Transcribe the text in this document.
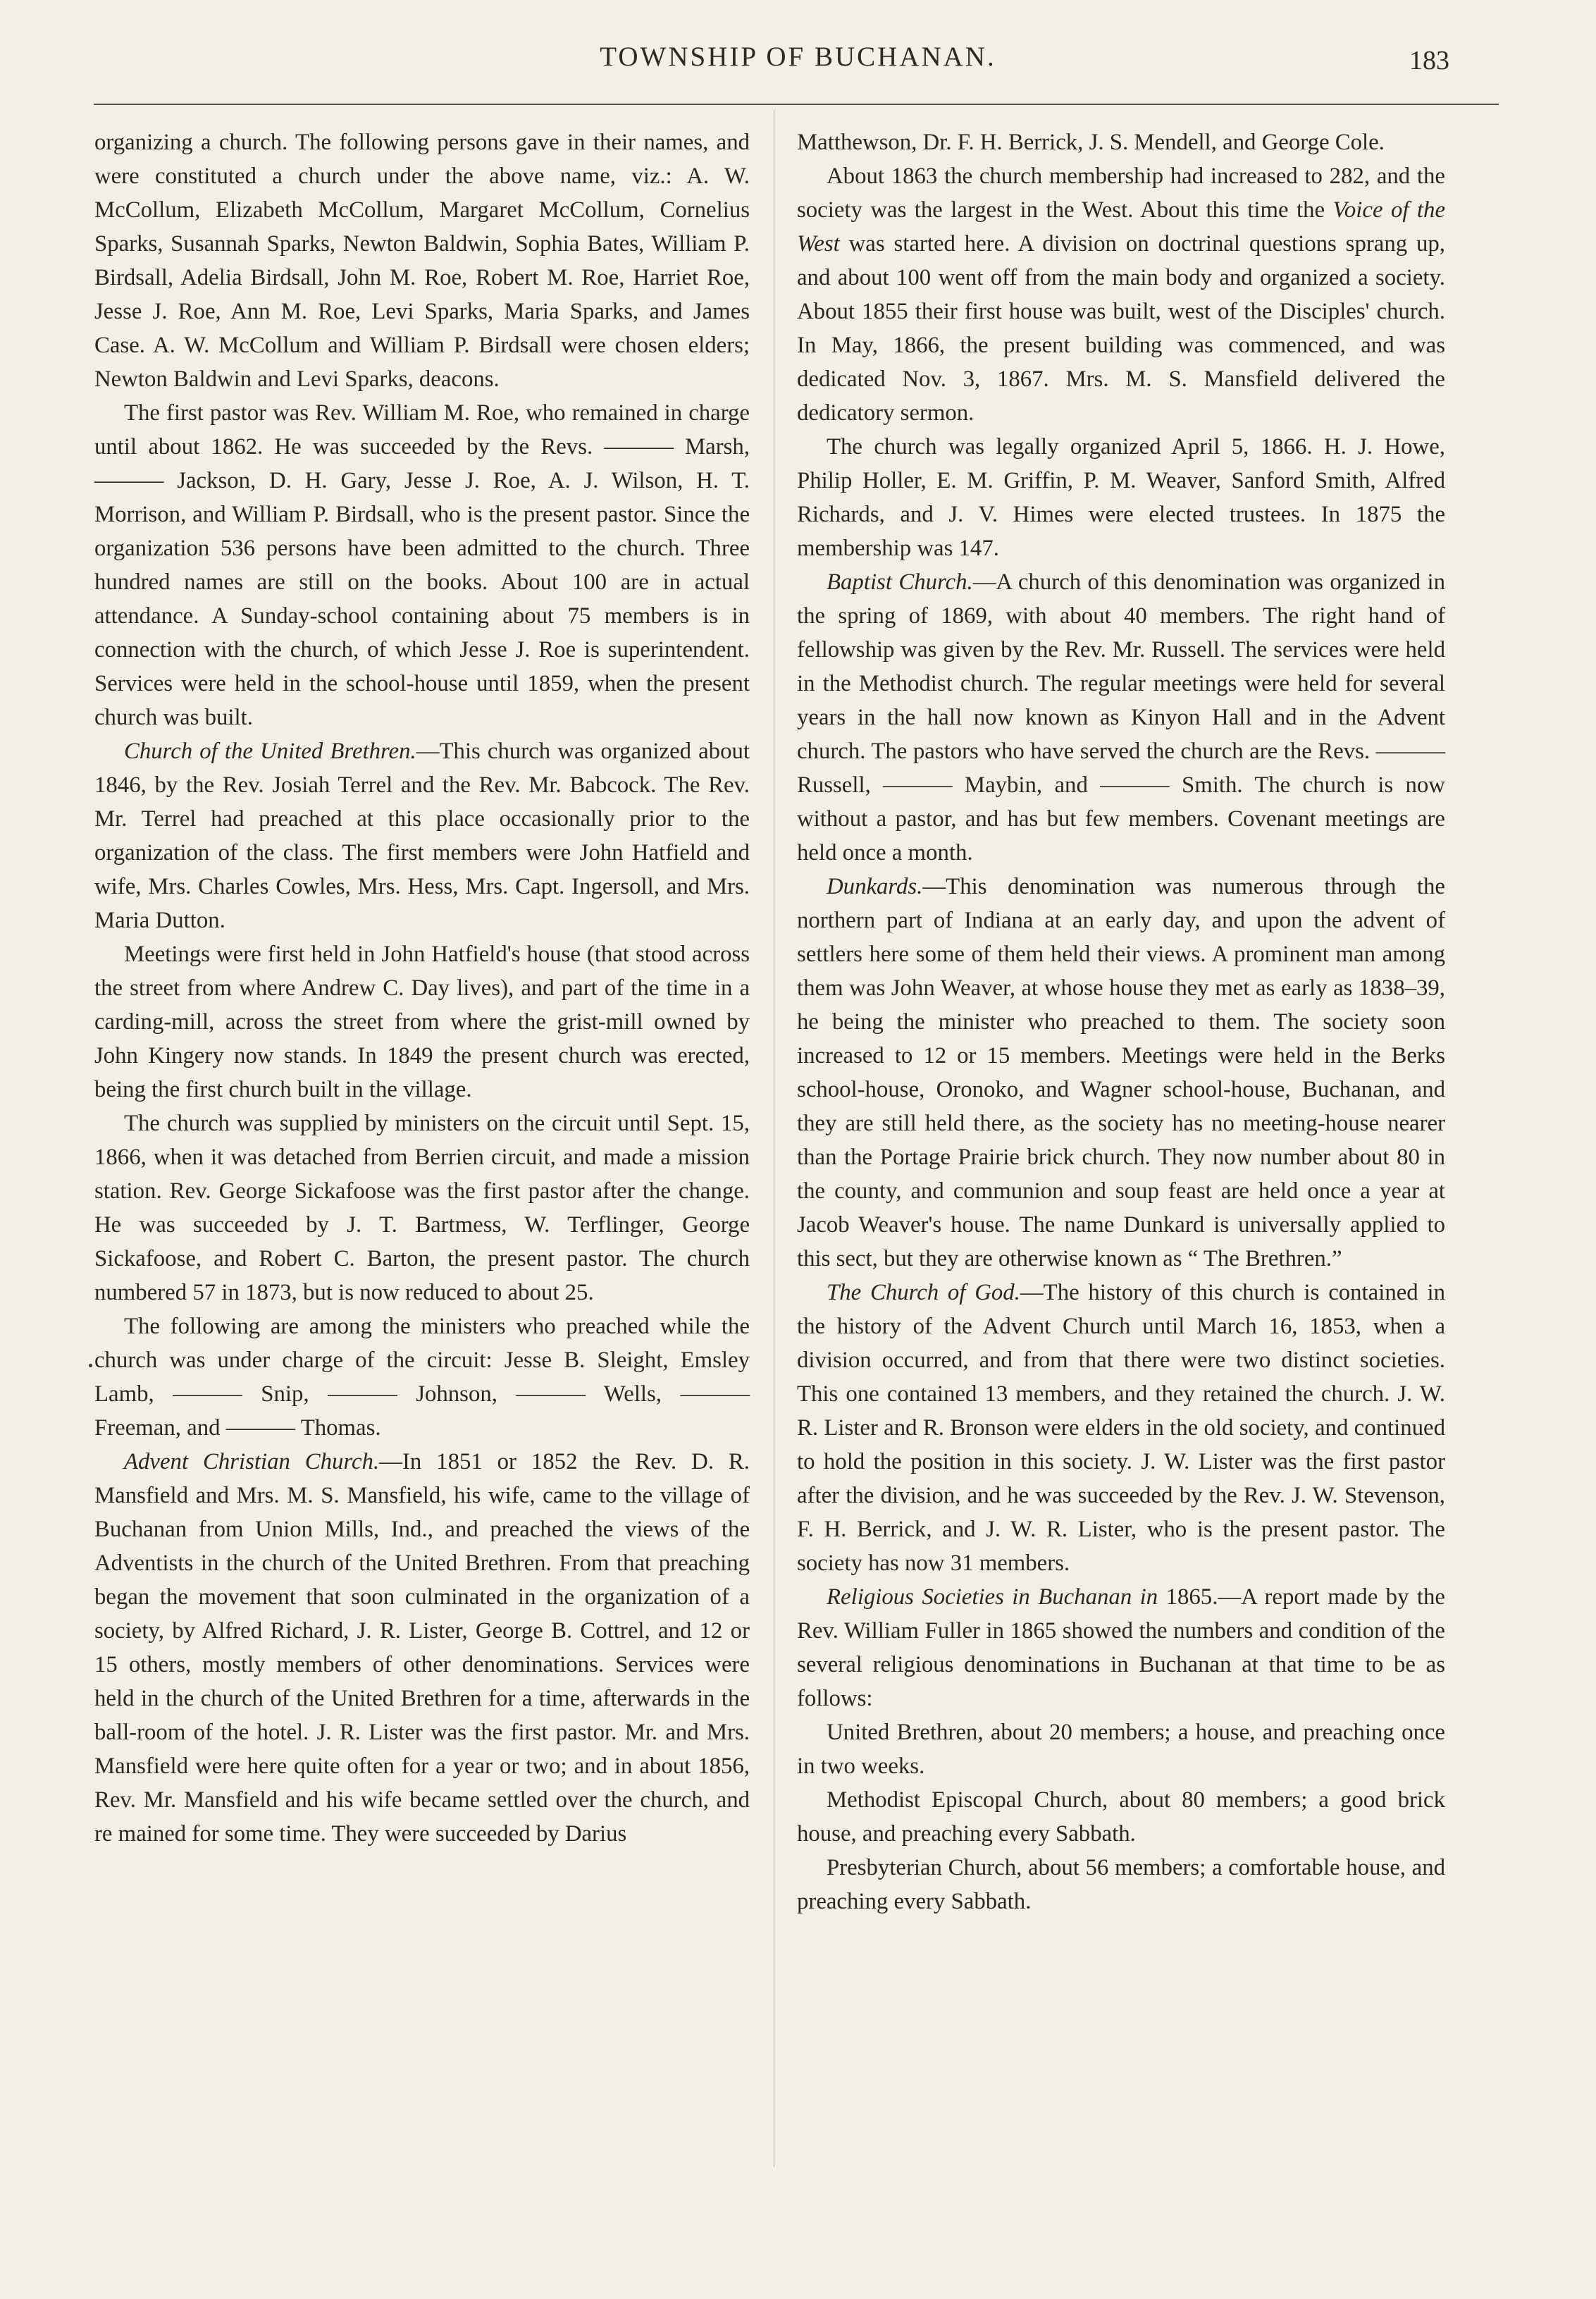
TOWNSHIP OF BUCHANAN.	183

organizing a church. The following persons gave in their names, and were constituted a church under the above name, viz.: A. W. McCollum, Elizabeth McCollum, Margaret McCollum, Cornelius Sparks, Susannah Sparks, Newton Baldwin, Sophia Bates, William P. Birdsall, Adelia Birdsall, John M. Roe, Robert M. Roe, Harriet Roe, Jesse J. Roe, Ann M. Roe, Levi Sparks, Maria Sparks, and James Case. A. W. McCollum and William P. Birdsall were chosen elders; Newton Baldwin and Levi Sparks, deacons.

The first pastor was Rev. William M. Roe, who remained in charge until about 1862. He was succeeded by the Revs. ——— Marsh, ——— Jackson, D. H. Gary, Jesse J. Roe, A. J. Wilson, H. T. Morrison, and William P. Birdsall, who is the present pastor. Since the organization 536 persons have been admitted to the church. Three hundred names are still on the books. About 100 are in actual attendance. A Sunday-school containing about 75 members is in connection with the church, of which Jesse J. Roe is superintendent. Services were held in the school-house until 1859, when the present church was built.

Church of the United Brethren.—This church was organized about 1846, by the Rev. Josiah Terrel and the Rev. Mr. Babcock. The Rev. Mr. Terrel had preached at this place occasionally prior to the organization of the class. The first members were John Hatfield and wife, Mrs. Charles Cowles, Mrs. Hess, Mrs. Capt. Ingersoll, and Mrs. Maria Dutton.

Meetings were first held in John Hatfield's house (that stood across the street from where Andrew C. Day lives), and part of the time in a carding-mill, across the street from where the grist-mill owned by John Kingery now stands. In 1849 the present church was erected, being the first church built in the village.

The church was supplied by ministers on the circuit until Sept. 15, 1866, when it was detached from Berrien circuit, and made a mission station. Rev. George Sickafoose was the first pastor after the change. He was succeeded by J. T. Bartmess, W. Terflinger, George Sickafoose, and Robert C. Barton, the present pastor. The church numbered 57 in 1873, but is now reduced to about 25.

The following are among the ministers who preached while the church was under charge of the circuit: Jesse B. Sleight, Emsley Lamb, ——— Snip, ——— Johnson, ——— Wells, ——— Freeman, and ——— Thomas.

Advent Christian Church.—In 1851 or 1852 the Rev. D. R. Mansfield and Mrs. M. S. Mansfield, his wife, came to the village of Buchanan from Union Mills, Ind., and preached the views of the Adventists in the church of the United Brethren. From that preaching began the movement that soon culminated in the organization of a society, by Alfred Richard, J. R. Lister, George B. Cottrel, and 12 or 15 others, mostly members of other denominations. Services were held in the church of the United Brethren for a time, afterwards in the ball-room of the hotel. J. R. Lister was the first pastor. Mr. and Mrs. Mansfield were here quite often for a year or two; and in about 1856, Rev. Mr. Mansfield and his wife became settled over the church, and re mained for some time. They were succeeded by Darius

Matthewson, Dr. F. H. Berrick, J. S. Mendell, and George Cole.

About 1863 the church membership had increased to 282, and the society was the largest in the West. About this time the Voice of the West was started here. A division on doctrinal questions sprang up, and about 100 went off from the main body and organized a society. About 1855 their first house was built, west of the Disciples' church. In May, 1866, the present building was commenced, and was dedicated Nov. 3, 1867. Mrs. M. S. Mansfield delivered the dedicatory sermon.

The church was legally organized April 5, 1866. H. J. Howe, Philip Holler, E. M. Griffin, P. M. Weaver, Sanford Smith, Alfred Richards, and J. V. Himes were elected trustees. In 1875 the membership was 147.

Baptist Church.—A church of this denomination was organized in the spring of 1869, with about 40 members. The right hand of fellowship was given by the Rev. Mr. Russell. The services were held in the Methodist church. The regular meetings were held for several years in the hall now known as Kinyon Hall and in the Advent church. The pastors who have served the church are the Revs. ——— Russell, ——— Maybin, and ——— Smith. The church is now without a pastor, and has but few members. Covenant meetings are held once a month.

Dunkards.—This denomination was numerous through the northern part of Indiana at an early day, and upon the advent of settlers here some of them held their views. A prominent man among them was John Weaver, at whose house they met as early as 1838–39, he being the minister who preached to them. The society soon increased to 12 or 15 members. Meetings were held in the Berks school-house, Oronoko, and Wagner school-house, Buchanan, and they are still held there, as the society has no meeting-house nearer than the Portage Prairie brick church. They now number about 80 in the county, and communion and soup feast are held once a year at Jacob Weaver's house. The name Dunkard is universally applied to this sect, but they are otherwise known as “ The Brethren.”

The Church of God.—The history of this church is contained in the history of the Advent Church until March 16, 1853, when a division occurred, and from that there were two distinct societies. This one contained 13 members, and they retained the church. J. W. R. Lister and R. Bronson were elders in the old society, and continued to hold the position in this society. J. W. Lister was the first pastor after the division, and he was succeeded by the Rev. J. W. Stevenson, F. H. Berrick, and J. W. R. Lister, who is the present pastor. The society has now 31 members.

Religious Societies in Buchanan in 1865.—A report made by the Rev. William Fuller in 1865 showed the numbers and condition of the several religious denominations in Buchanan at that time to be as follows:

United Brethren, about 20 members; a house, and preaching once in two weeks.

Methodist Episcopal Church, about 80 members; a good brick house, and preaching every Sabbath.

Presbyterian Church, about 56 members; a comfortable house, and preaching every Sabbath.
